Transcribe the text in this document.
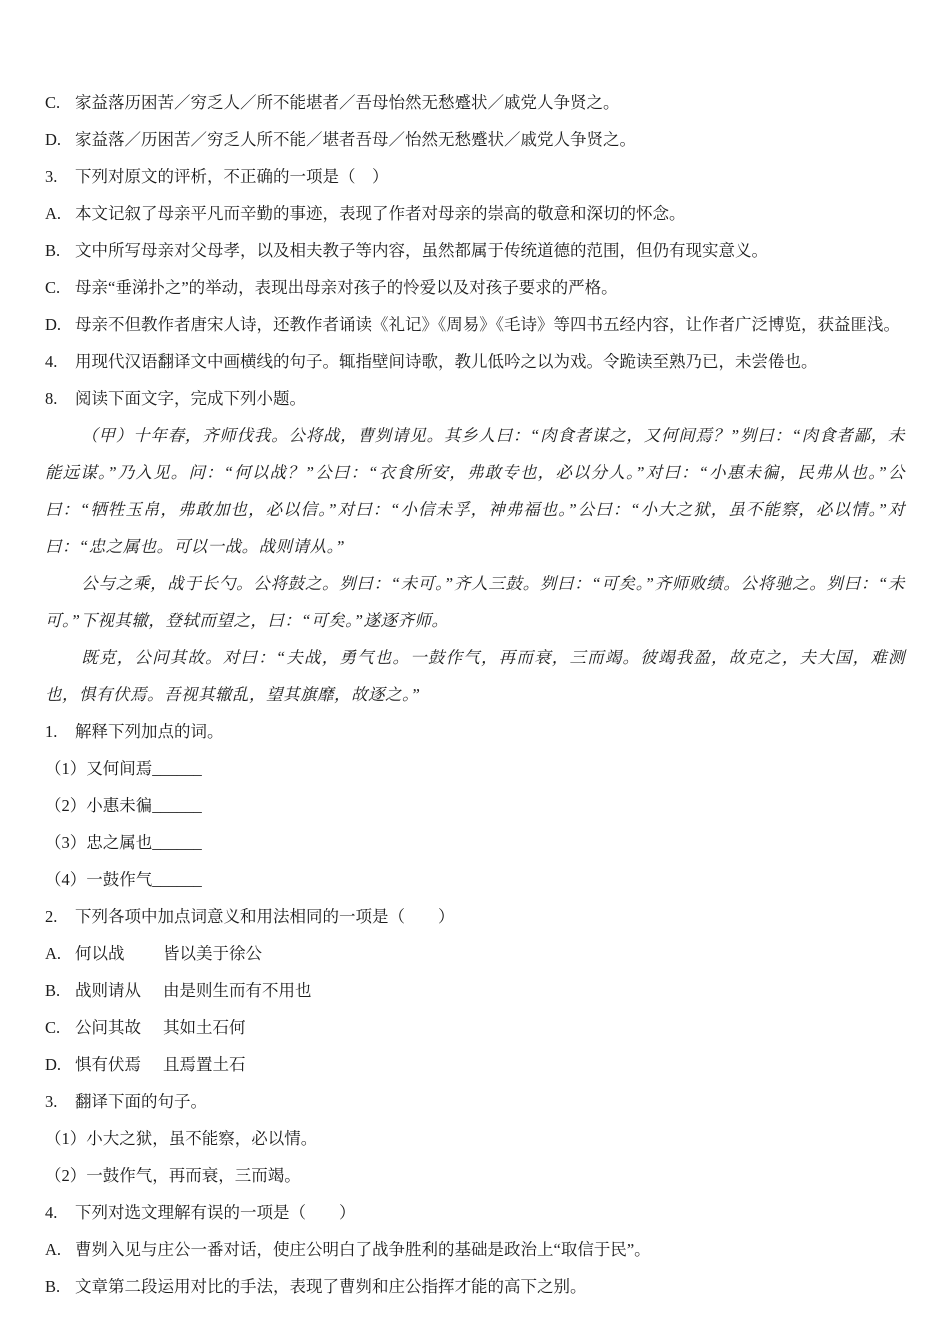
C. 家益落历困苦／穷乏人／所不能堪者／吾母怡然无愁蹙状／戚党人争贤之。
D. 家益落／历困苦／穷乏人所不能／堪者吾母／怡然无愁蹙状／戚党人争贤之。
3.	下列对原文的评析，不正确的一项是（　）
A. 本文记叙了母亲平凡而辛勤的事迹，表现了作者对母亲的崇高的敬意和深切的怀念。
B. 文中所写母亲对父母孝，以及相夫教子等内容，虽然都属于传统道德的范围，但仍有现实意义。
C. 母亲“垂涕扑之”的举动，表现出母亲对孩子的怜爱以及对孩子要求的严格。
D. 母亲不但教作者唐宋人诗，还教作者诵读《礼记》《周易》《毛诗》等四书五经内容，让作者广泛博览，获益匪浅。
4.	用现代汉语翻译文中画横线的句子。辄指壁间诗歌，教儿低吟之以为戏。令跪读至熟乃已，未尝倦也。
8.	阅读下面文字，完成下列小题。

（甲）十年春，齐师伐我。公将战，曹刿请见。其乡人曰：“肉食者谋之，又何间焉？”刿曰：“肉食者鄙，未能远谋。”乃入见。问：“何以战？”公曰：“衣食所安，弗敢专也，必以分人。”对曰：“小惠未徧，民弗从也。”公曰：“牺牲玉帛，弗敢加也，必以信。”对曰：“小信未孚，神弗福也。”公曰：“小大之狱，虽不能察，必以情。”对曰：“忠之属也。可以一战。战则请从。”

公与之乘，战于长勺。公将鼓之。刿曰：“未可。”齐人三鼓。刿曰：“可矣。”齐师败绩。公将驰之。刿曰：“未可。”下视其辙，登轼而望之，曰：“可矣。”遂逐齐师。

既克，公问其故。对曰：“夫战，勇气也。一鼓作气，再而衰，三而竭。彼竭我盈，故克之，夫大国，难测也，惧有伏焉。吾视其辙乱，望其旗靡，故逐之。”

1.	解释下列加点的词。

（1）又何间焉______

（2）小惠未徧______

（3）忠之属也______

（4）一鼓作气______

2.	下列各项中加点词意义和用法相同的一项是（　　）
A. 何以战 皆以美于徐公
B. 战则请从 由是则生而有不用也
C. 公问其故 其如土石何
D. 惧有伏焉 且焉置土石
3.	翻译下面的句子。

（1）小大之狱，虽不能察，必以情。

（2）一鼓作气，再而衰，三而竭。

4.	下列对选文理解有误的一项是（　　）
A. 曹刿入见与庄公一番对话，使庄公明白了战争胜利的基础是政治上“取信于民”。
B. 文章第二段运用对比的手法，表现了曹刿和庄公指挥才能的高下之别。
